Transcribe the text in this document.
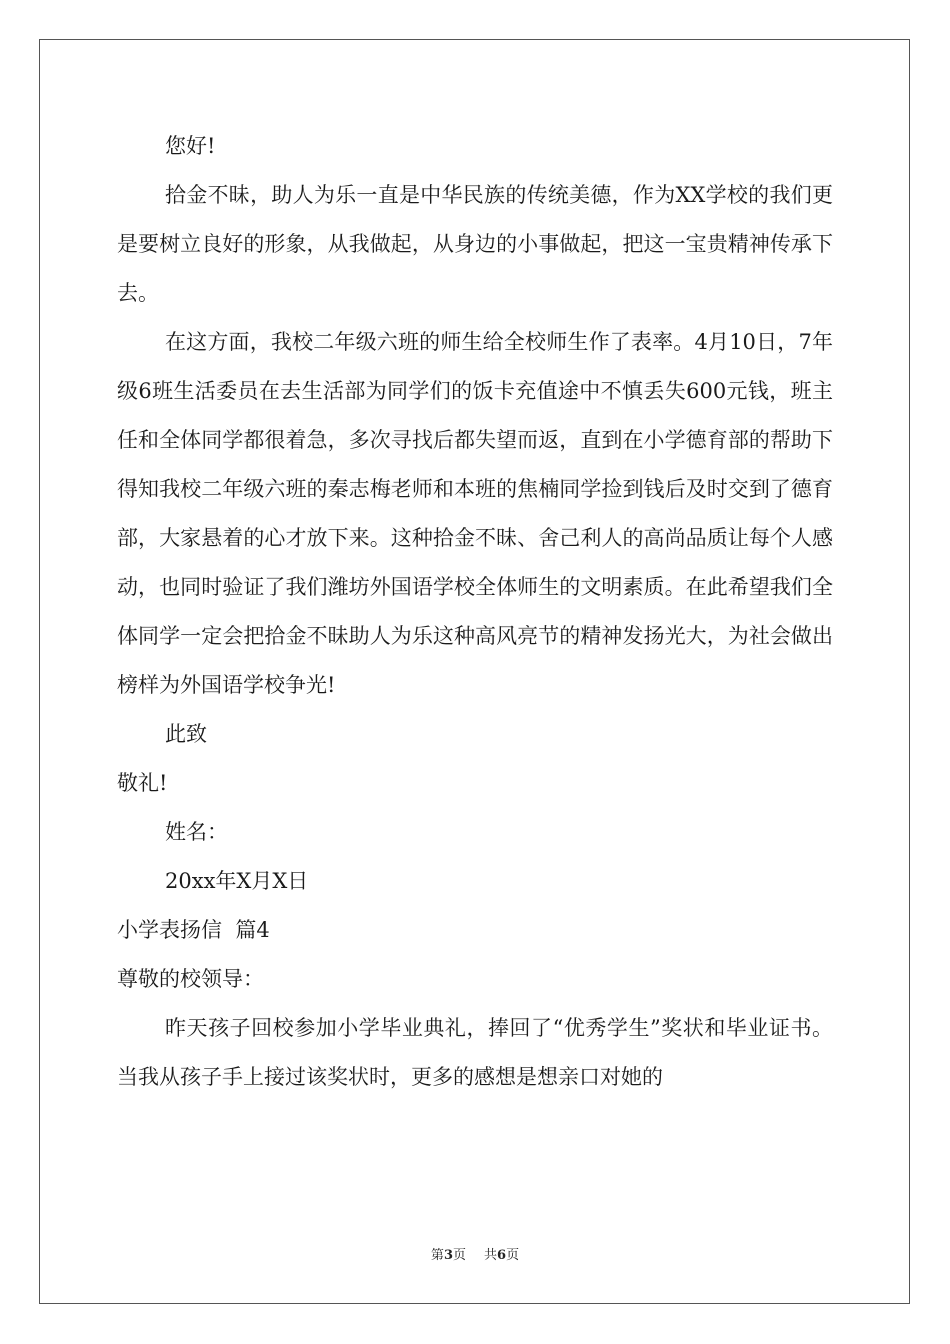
您好!

拾金不昧，助人为乐一直是中华民族的传统美德，作为XX学校的我们更是要树立良好的形象，从我做起，从身边的小事做起，把这一宝贵精神传承下去。

在这方面，我校二年级六班的师生给全校师生作了表率。4月10日，7年级6班生活委员在去生活部为同学们的饭卡充值途中不慎丢失600元钱，班主任和全体同学都很着急，多次寻找后都失望而返，直到在小学德育部的帮助下得知我校二年级六班的秦志梅老师和本班的焦楠同学捡到钱后及时交到了德育部，大家悬着的心才放下来。这种拾金不昧、舍己利人的高尚品质让每个人感动，也同时验证了我们潍坊外国语学校全体师生的文明素质。在此希望我们全体同学一定会把拾金不昧助人为乐这种高风亮节的精神发扬光大，为社会做出榜样为外国语学校争光!

此致

敬礼!

姓名：

20xx年X月X日

小学表扬信  篇4

尊敬的校领导：

昨天孩子回校参加小学毕业典礼，捧回了“优秀学生”奖状和毕业证书。当我从孩子手上接过该奖状时，更多的感想是想亲口对她的

第3页 共6页
